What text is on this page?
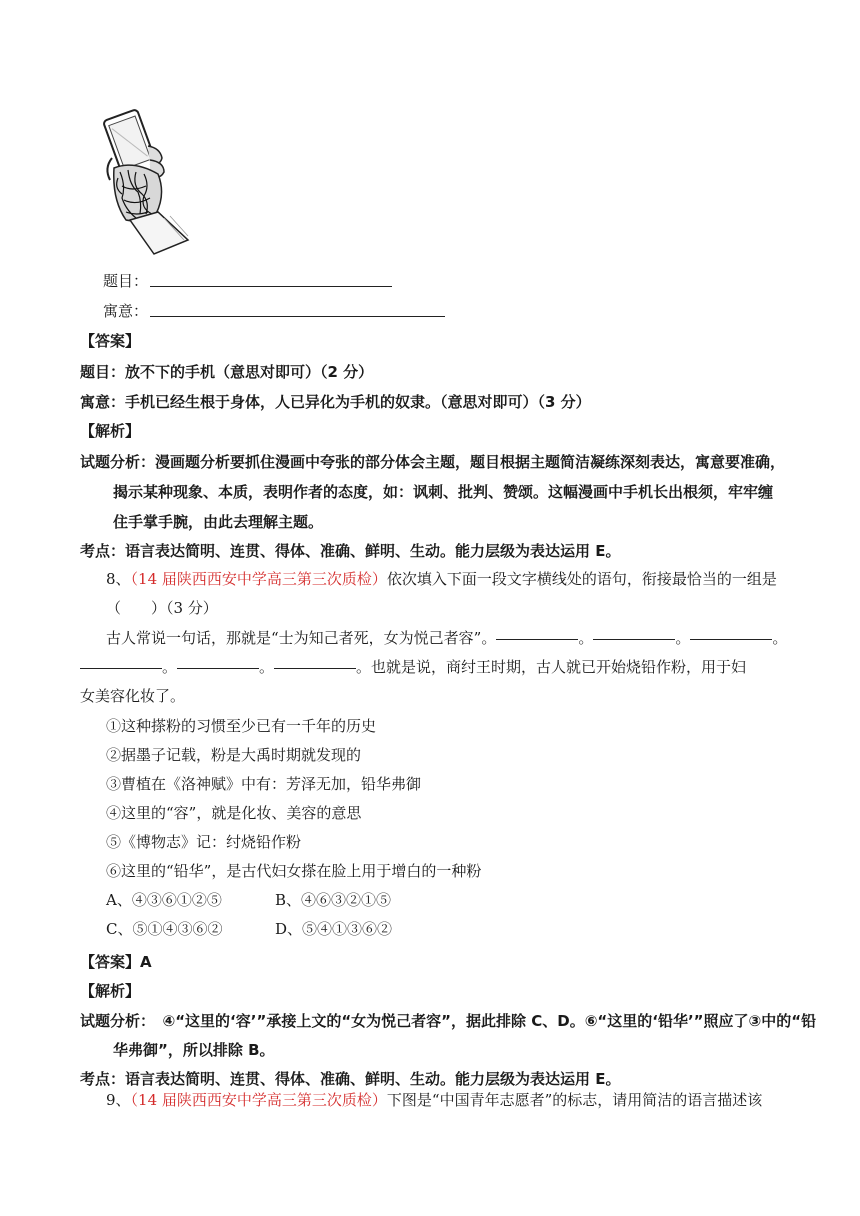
题目：
寓意：
【答案】
题目：放不下的手机（意思对即可）（2 分）
寓意：手机已经生根于身体，人已异化为手机的奴隶。（意思对即可）（3 分）
【解析】
试题分析：漫画题分析要抓住漫画中夸张的部分体会主题，题目根据主题简洁凝练深刻表达，寓意要准确，
揭示某种现象、本质，表明作者的态度，如：讽刺、批判、赞颂。这幅漫画中手机长出根须，牢牢缠
住手掌手腕，由此去理解主题。
考点：语言表达简明、连贯、得体、准确、鲜明、生动。能力层级为表达运用 E。
8、（14 届陕西西安中学高三第三次质检）依次填入下面一段文字横线处的语句，衔接最恰当的一组是
（　　）（3 分）
古人常说一句话，那就是“士为知己者死，女为悦己者容”。	。	。	。
。	。	。也就是说，商纣王时期，古人就已开始烧铅作粉，用于妇
女美容化妆了。
①这种搽粉的习惯至少已有一千年的历史
②据墨子记载，粉是大禹时期就发现的
③曹植在《洛神赋》中有：芳泽无加，铅华弗御
④这里的“容”，就是化妆、美容的意思
⑤《博物志》记：纣烧铅作粉
⑥这里的“铅华”，是古代妇女搽在脸上用于增白的一种粉
A、④③⑥①②⑤	B、④⑥③②①⑤
C、⑤①④③⑥②	D、⑤④①③⑥②
【答案】A
【解析】
试题分析：　④“这里的‘容’”承接上文的“女为悦己者容”，据此排除 C、D。⑥“这里的‘铅华’”照应了③中的“铅
华弗御”，所以排除 B。
考点：语言表达简明、连贯、得体、准确、鲜明、生动。能力层级为表达运用 E。
9、（14 届陕西西安中学高三第三次质检）下图是“中国青年志愿者”的标志，请用简洁的语言描述该
